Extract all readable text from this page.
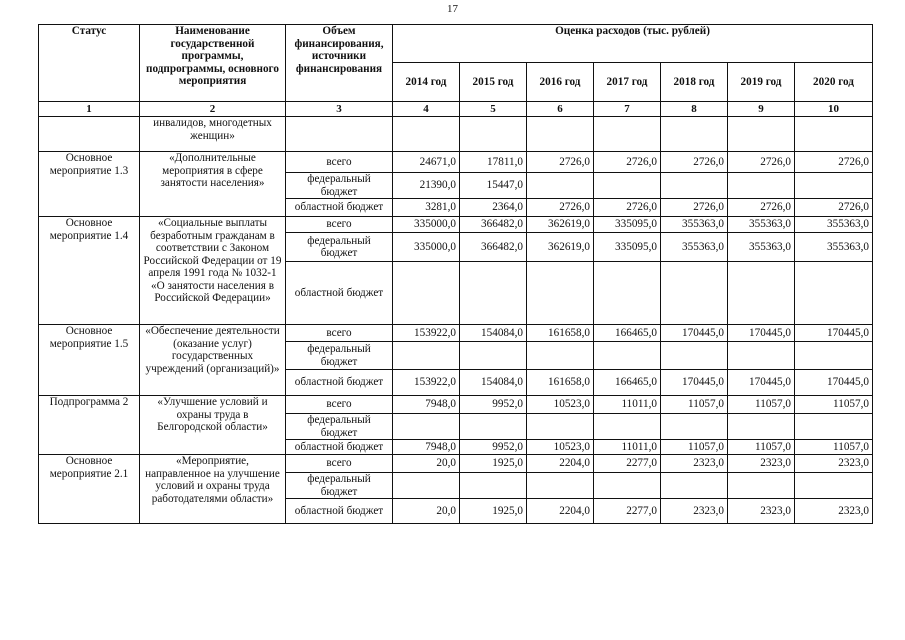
17
Статус	Наименование государственной программы, подпрограммы, основного мероприятия	Объем финансирования, источники финансирования	Оценка расходов (тыс. рублей)						
			2014 год	2015 год	2016 год	2017 год	2018 год	2019 год	2020 год
1	2	3	4	5	6	7	8	9	10
	инвалидов, многодетных женщин»								
Основное мероприятие 1.3	«Дополнительные мероприятия в сфере занятости населения»	всего	24671,0	17811,0	2726,0	2726,0	2726,0	2726,0	2726,0
		федеральный бюджет	21390,0	15447,0					
		областной бюджет	3281,0	2364,0	2726,0	2726,0	2726,0	2726,0	2726,0
Основное мероприятие 1.4	«Социальные выплаты безработным гражданам в соответствии с Законом Российской Федерации от 19 апреля 1991 года № 1032-1 «О занятости населения в Российской Федерации»	всего	335000,0	366482,0	362619,0	335095,0	355363,0	355363,0	355363,0
		федеральный бюджет	335000,0	366482,0	362619,0	335095,0	355363,0	355363,0	355363,0
		областной бюджет							
Основное мероприятие 1.5	«Обеспечение деятельности (оказание услуг) государственных учреждений (организаций)»	всего	153922,0	154084,0	161658,0	166465,0	170445,0	170445,0	170445,0
		федеральный бюджет							
		областной бюджет	153922,0	154084,0	161658,0	166465,0	170445,0	170445,0	170445,0
Подпрограмма 2	«Улучшение условий и охраны труда в Белгородской области»	всего	7948,0	9952,0	10523,0	11011,0	11057,0	11057,0	11057,0
		федеральный бюджет							
		областной бюджет	7948,0	9952,0	10523,0	11011,0	11057,0	11057,0	11057,0
Основное мероприятие 2.1	«Мероприятие, направленное на улучшение условий и охраны труда работодателями области»	всего	20,0	1925,0	2204,0	2277,0	2323,0	2323,0	2323,0
		федеральный бюджет							
		областной бюджет	20,0	1925,0	2204,0	2277,0	2323,0	2323,0	2323,0
